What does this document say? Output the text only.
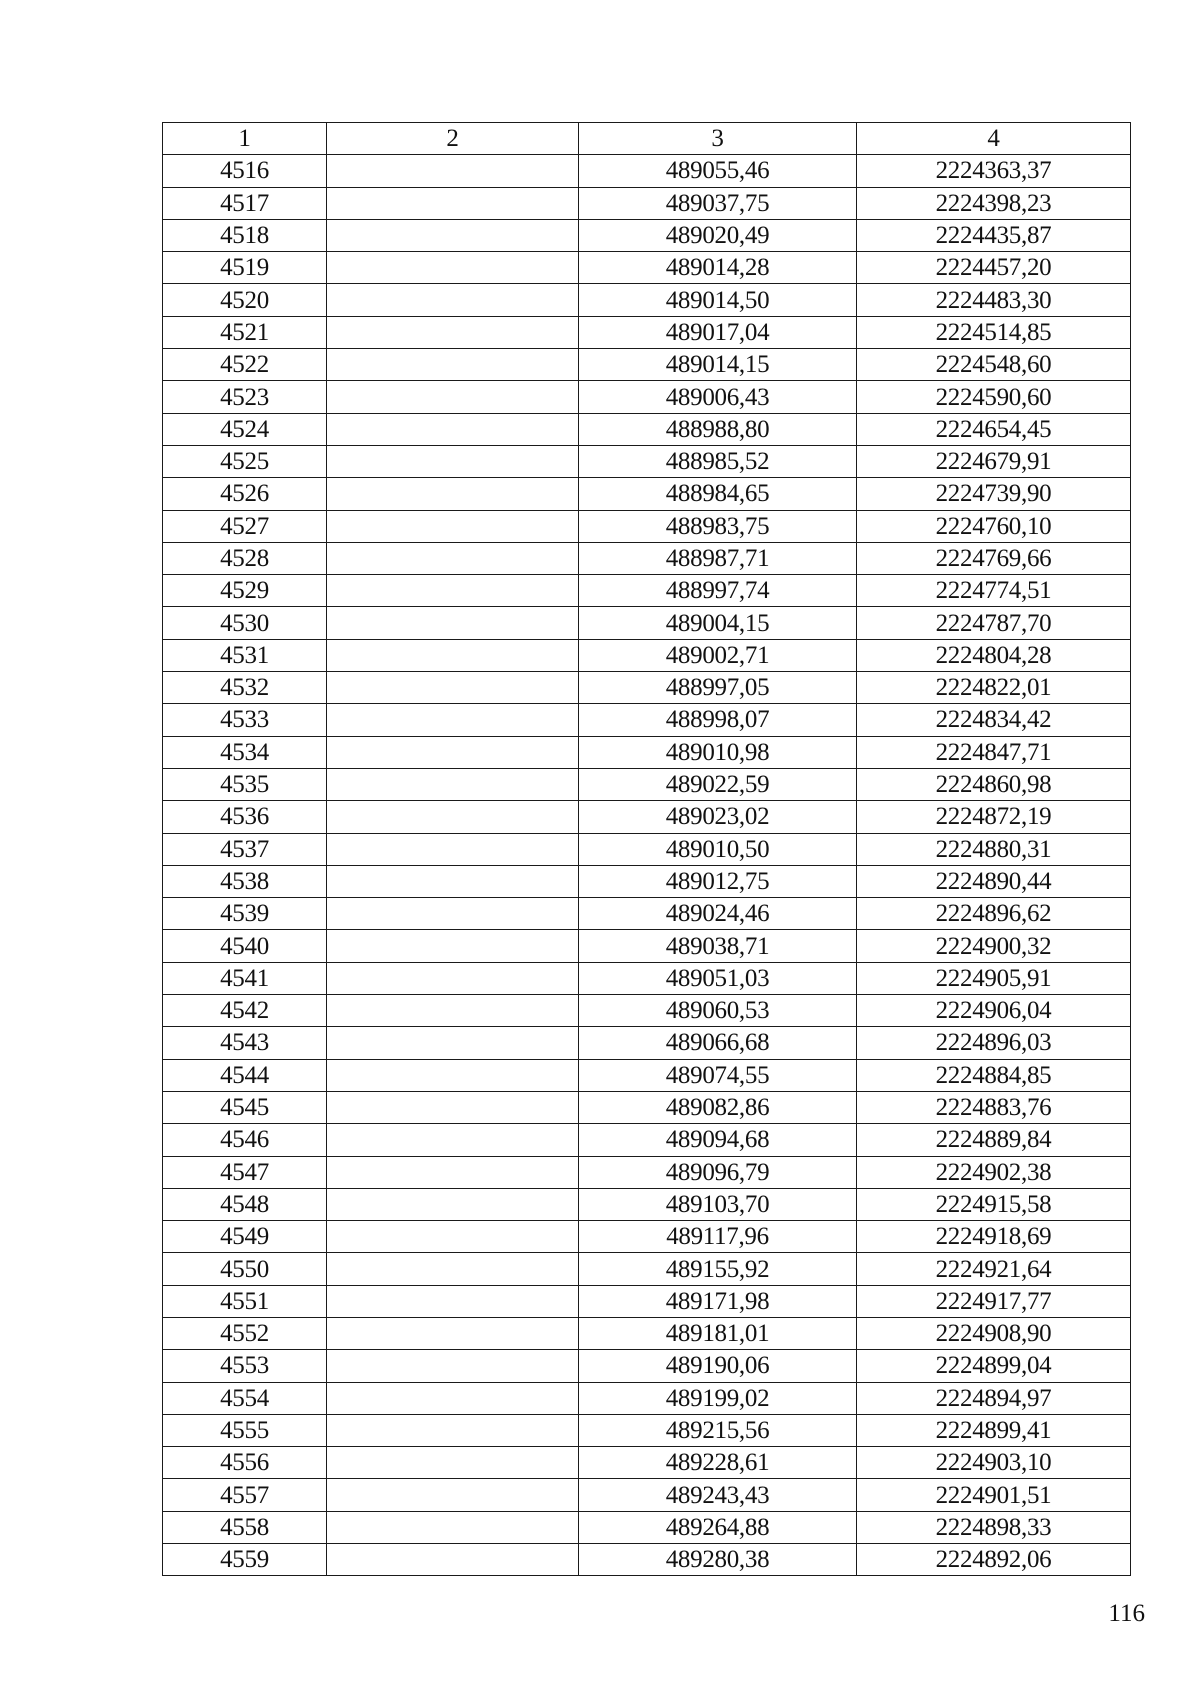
1	2	3	4
4516		489055,46	2224363,37
4517		489037,75	2224398,23
4518		489020,49	2224435,87
4519		489014,28	2224457,20
4520		489014,50	2224483,30
4521		489017,04	2224514,85
4522		489014,15	2224548,60
4523		489006,43	2224590,60
4524		488988,80	2224654,45
4525		488985,52	2224679,91
4526		488984,65	2224739,90
4527		488983,75	2224760,10
4528		488987,71	2224769,66
4529		488997,74	2224774,51
4530		489004,15	2224787,70
4531		489002,71	2224804,28
4532		488997,05	2224822,01
4533		488998,07	2224834,42
4534		489010,98	2224847,71
4535		489022,59	2224860,98
4536		489023,02	2224872,19
4537		489010,50	2224880,31
4538		489012,75	2224890,44
4539		489024,46	2224896,62
4540		489038,71	2224900,32
4541		489051,03	2224905,91
4542		489060,53	2224906,04
4543		489066,68	2224896,03
4544		489074,55	2224884,85
4545		489082,86	2224883,76
4546		489094,68	2224889,84
4547		489096,79	2224902,38
4548		489103,70	2224915,58
4549		489117,96	2224918,69
4550		489155,92	2224921,64
4551		489171,98	2224917,77
4552		489181,01	2224908,90
4553		489190,06	2224899,04
4554		489199,02	2224894,97
4555		489215,56	2224899,41
4556		489228,61	2224903,10
4557		489243,43	2224901,51
4558		489264,88	2224898,33
4559		489280,38	2224892,06
116
